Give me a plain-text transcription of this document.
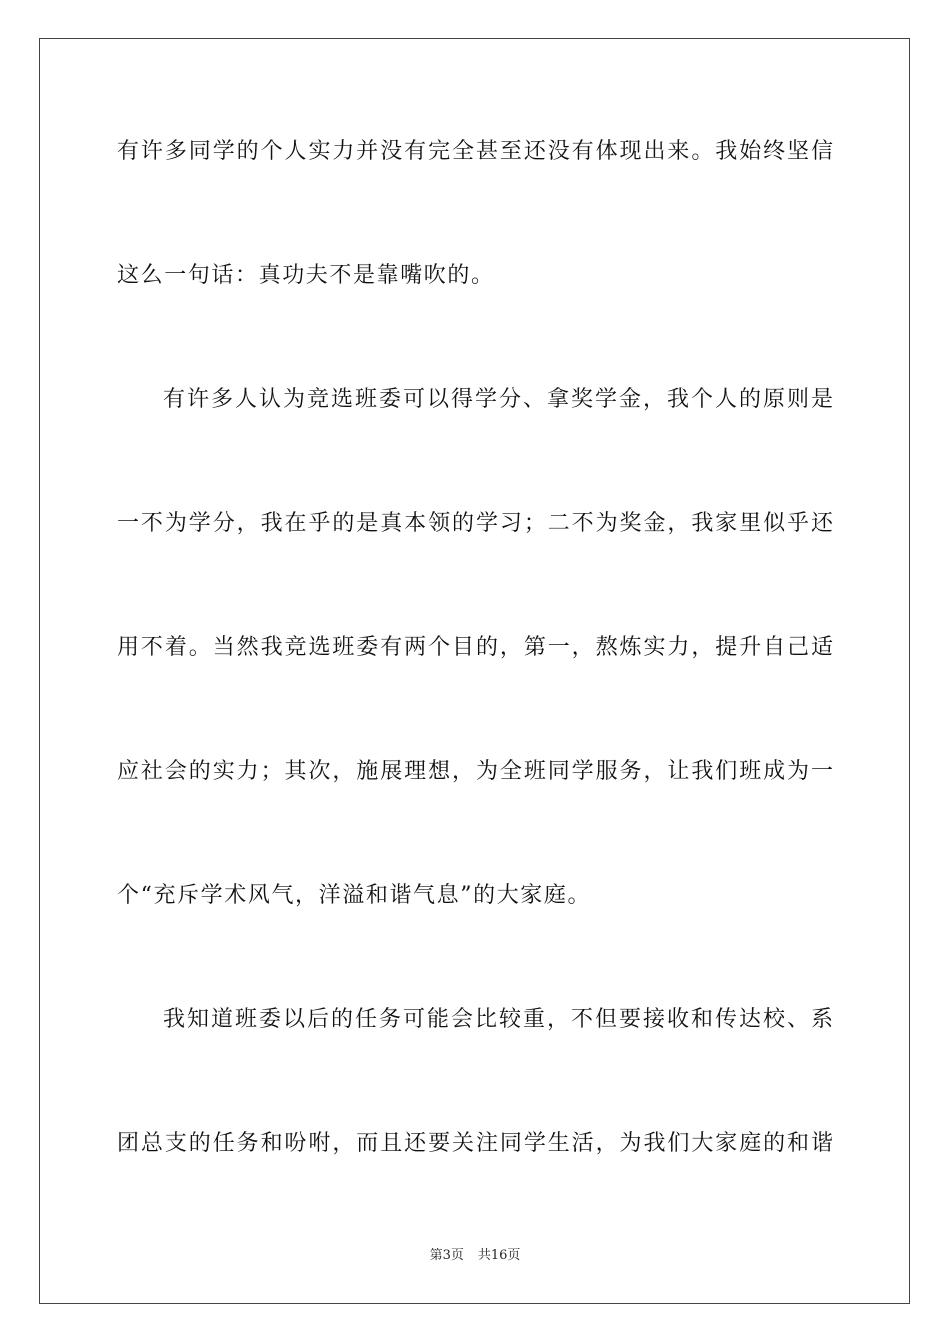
有许多同学的个人实力并没有完全甚至还没有体现出来。我始终坚信
这么一句话：真功夫不是靠嘴吹的。
有许多人认为竞选班委可以得学分、拿奖学金，我个人的原则是
一不为学分，我在乎的是真本领的学习；二不为奖金，我家里似乎还
用不着。当然我竞选班委有两个目的，第一，熬炼实力，提升自己适
应社会的实力；其次，施展理想，为全班同学服务，让我们班成为一
个“充斥学术风气，洋溢和谐气息”的大家庭。
我知道班委以后的任务可能会比较重，不但要接收和传达校、系
团总支的任务和吩咐，而且还要关注同学生活，为我们大家庭的和谐
第3页 共16页
